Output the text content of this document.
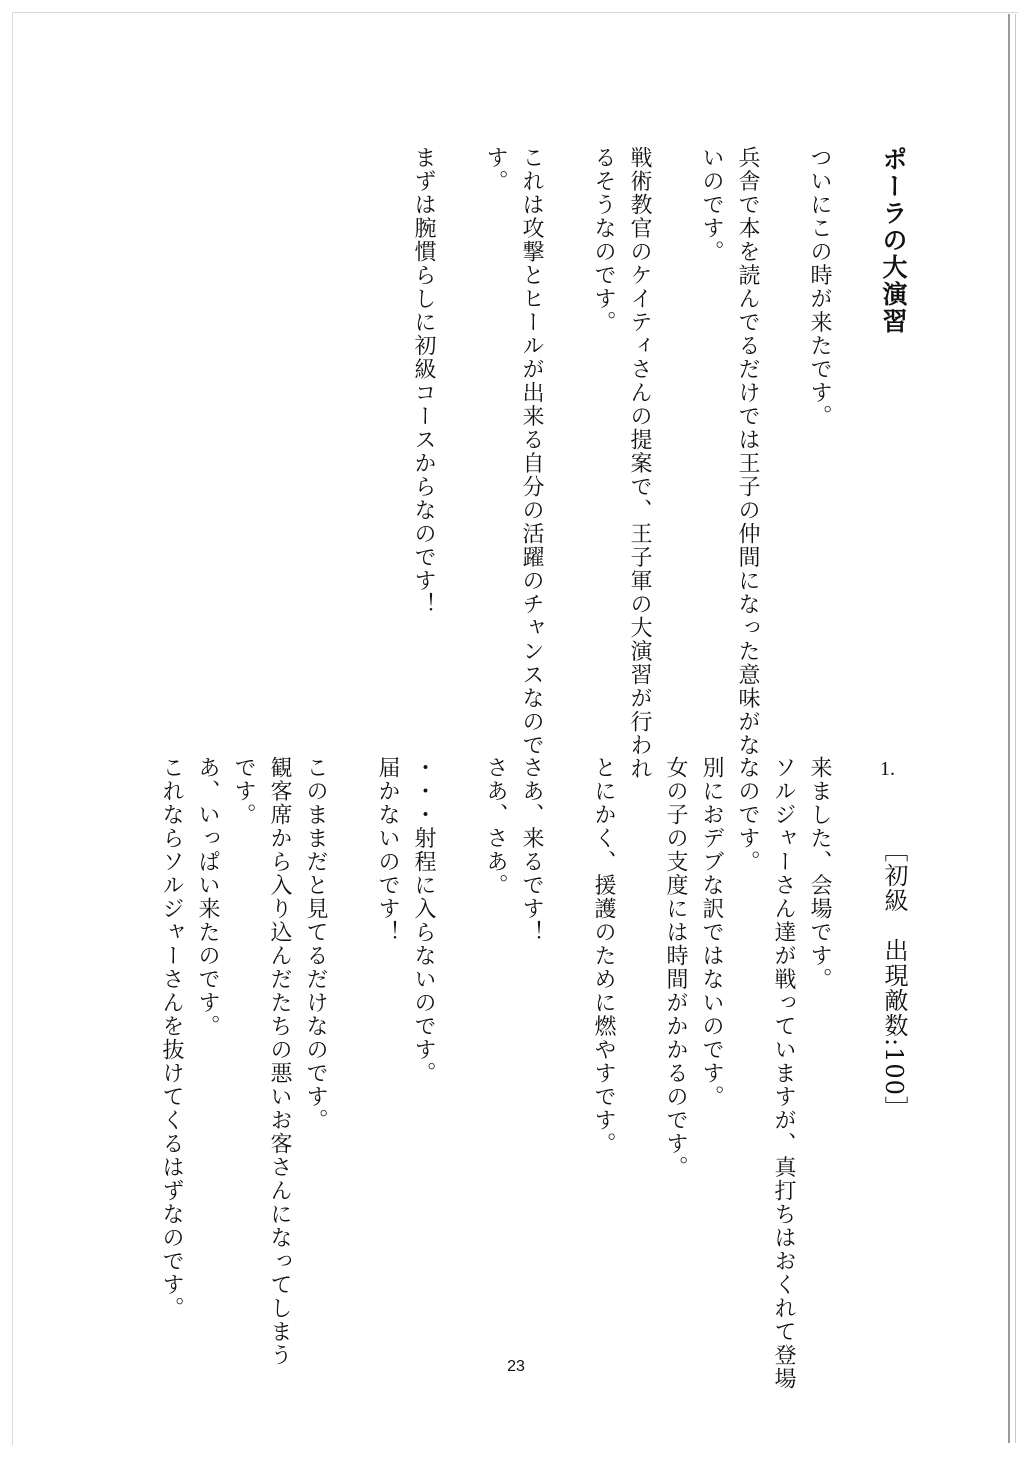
ポーラの大演習
ついにこの時が来たです。
兵舎で本を読んでるだけでは王子の仲間になった意味がな
いのです。
戦術教官のケイティさんの提案で、王子軍の大演習が行われ
るそうなのです。
これは攻撃とヒールが出来る自分の活躍のチャンスなので
す。
まずは腕慣らしに初級コースからなのです！
1.
［初級　出現敵数:100］
来ました、会場です。
ソルジャーさん達が戦っていますが、真打ちはおくれて登場
なのです。
別におデブな訳ではないのです。
女の子の支度には時間がかかるのです。
とにかく、援護のために燃やすです。
さあ、来るです！
さあ、さあ。
・・・射程に入らないのです。
届かないのです！
このままだと見てるだけなのです。
観客席から入り込んだたちの悪いお客さんになってしまう
です。
あ、いっぱい来たのです。
これならソルジャーさんを抜けてくるはずなのです。
23
